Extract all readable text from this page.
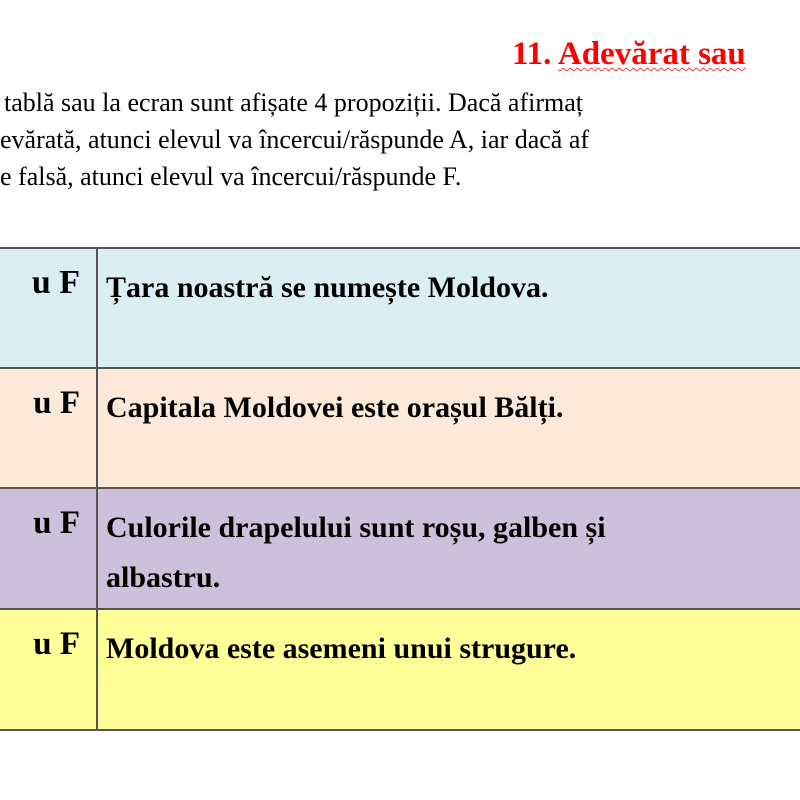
11. Adevărat sau
tablă sau la ecran sunt afișate 4 propoziții. Dacă afirmaț
evărată, atunci elevul va încercui/răspunde A, iar dacă af
e falsă, atunci elevul va încercui/răspunde F.
u F	Țara noastră se numește Moldova.
u F	Capitala Moldovei este orașul Bălți.
u F	Culorile drapelului sunt roșu, galben și
albastru.

u F	Moldova este asemeni unui strugure.
